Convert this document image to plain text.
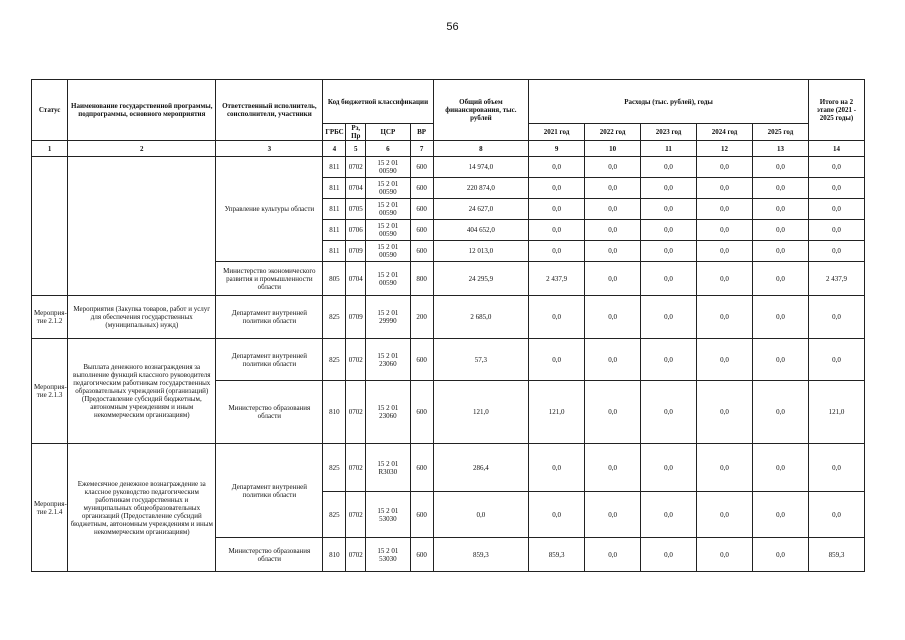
56
Статус	Наименование государственной программы, подпрограммы, основного мероприятия	Ответственный исполнитель, соисполнители, участники	Код бюджетной классификации				Общий объем финансирования, тыс. рублей	Расходы (тыс. рублей), годы					Итого на 2 этапе (2021 - 2025 годы)
			ГРБС	Рз, Пр	ЦСР	ВР		2021 год	2022 год	2023 год	2024 год	2025 год	
1	2	3	4	5	6	7	8	9	10	11	12	13	14
		Управление культуры области	811	0702	15 2 01 00590	600	14 974,0	0,0	0,0	0,0	0,0	0,0	0,0
			811	0704	15 2 01 00590	600	220 874,0	0,0	0,0	0,0	0,0	0,0	0,0
			811	0705	15 2 01 00590	600	24 627,0	0,0	0,0	0,0	0,0	0,0	0,0
			811	0706	15 2 01 00590	600	404 652,0	0,0	0,0	0,0	0,0	0,0	0,0
			811	0709	15 2 01 00590	600	12 013,0	0,0	0,0	0,0	0,0	0,0	0,0
		Министерство экономического развития и промышленности области	805	0704	15 2 01 00590	800	24 295,9	2 437,9	0,0	0,0	0,0	0,0	2 437,9
Мероприя-тие 2.1.2	Мероприятия (Закупка товаров, работ и услуг для обеспечения государственных (муниципальных) нужд)	Департамент внутренней политики области	825	0709	15 2 01 29990	200	2 685,0	0,0	0,0	0,0	0,0	0,0	0,0
Мероприя-тие 2.1.3	Выплата денежного вознаграждения за выполнение функций классного руководителя педагогическим работникам государственных образовательных учреждений (организаций) (Предоставление субсидий бюджетным, автономным учреждениям и иным некоммерческим организациям)	Департамент внутренней политики области	825	0702	15 2 01 23060	600	57,3	0,0	0,0	0,0	0,0	0,0	0,0
		Министерство образования области	810	0702	15 2 01 23060	600	121,0	121,0	0,0	0,0	0,0	0,0	121,0
Мероприя-тие 2.1.4	Ежемесячное денежное вознаграждение за классное руководство педагогическим работникам государственных и муниципальных общеобразовательных организаций (Предоставление субсидий бюджетным, автономным учреждениям и иным некоммерческим организациям)	Департамент внутренней политики области	825	0702	15 2 01 R3030	600	286,4	0,0	0,0	0,0	0,0	0,0	0,0
			825	0702	15 2 01 53030	600	0,0	0,0	0,0	0,0	0,0	0,0	0,0
		Министерство образования области	810	0702	15 2 01 53030	600	859,3	859,3	0,0	0,0	0,0	0,0	859,3
